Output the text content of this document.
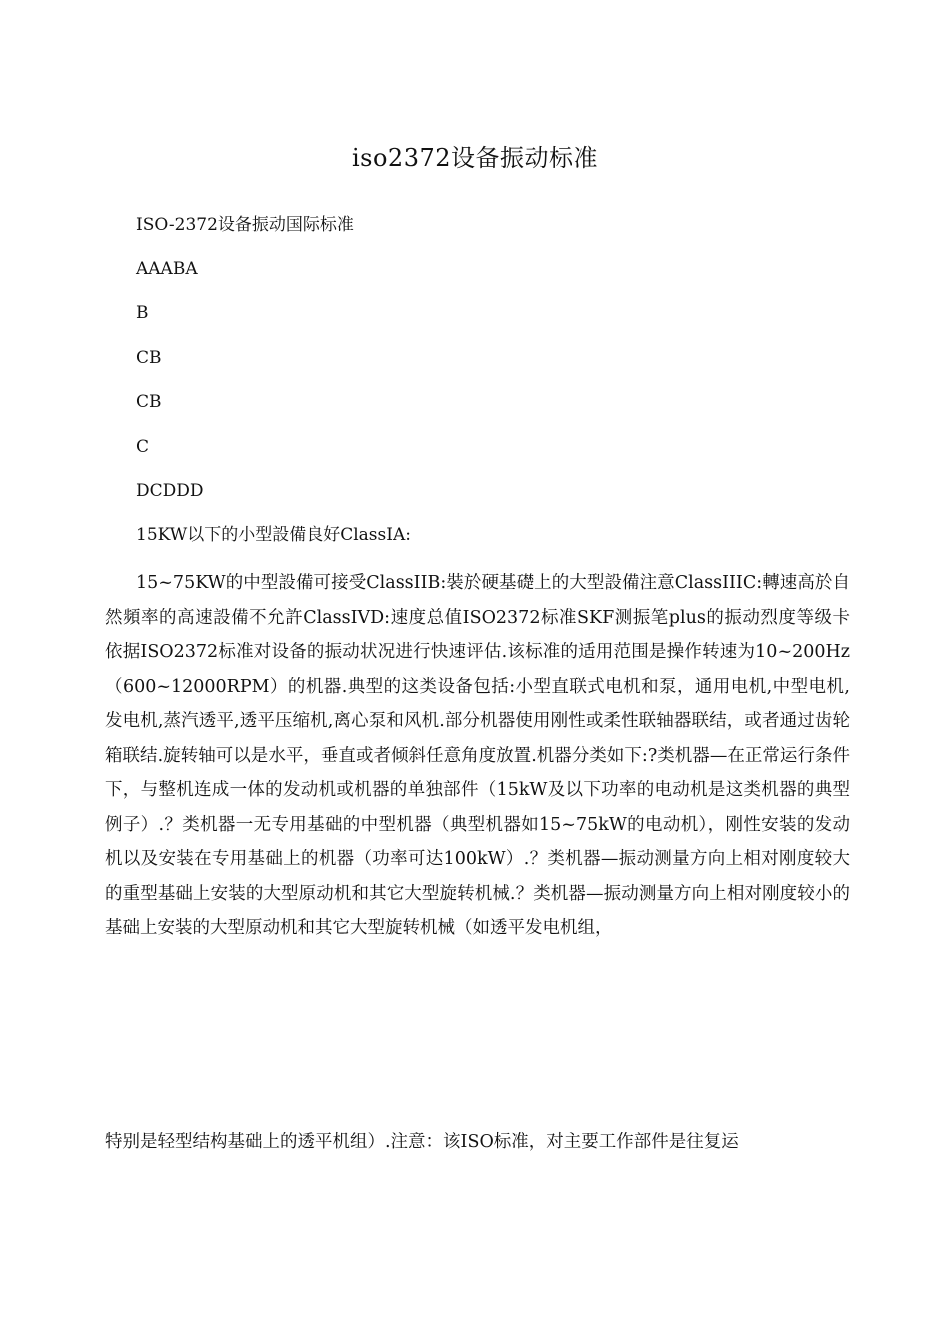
iso2372设备振动标准
ISO-2372设备振动国际标准
AAABA
B
CB
CB
C
DCDDD
15KW以下的小型設備良好ClassIA:
15~75KW的中型設備可接受ClassIIB:裝於硬基礎上的大型設備注意ClassIIIC:轉速高於自然頻率的高速設備不允許ClassIVD:速度总值ISO2372标准SKF测振笔plus的振动烈度等级卡依据ISO2372标准对设备的振动状况进行快速评估.该标准的适用范围是操作转速为10~200Hz（600~12000RPM）的机器.典型的这类设备包括:小型直联式电机和泵，通用电机,中型电机,发电机,蒸汽透平,透平压缩机,离心泵和风机.部分机器使用刚性或柔性联轴器联结，或者通过齿轮箱联结.旋转轴可以是水平，垂直或者倾斜任意角度放置.机器分类如下:?类机器—在正常运行条件下，与整机连成一体的发动机或机器的单独部件（15kW及以下功率的电动机是这类机器的典型例子）.？类机器一无专用基础的中型机器（典型机器如15~75kW的电动机），刚性安装的发动机以及安装在专用基础上的机器（功率可达100kW）.？类机器—振动测量方向上相对刚度较大的重型基础上安装的大型原动机和其它大型旋转机械.？类机器—振动测量方向上相对刚度较小的基础上安装的大型原动机和其它大型旋转机械（如透平发电机组，
特别是轻型结构基础上的透平机组）.注意：该ISO标准，对主要工作部件是往复运
